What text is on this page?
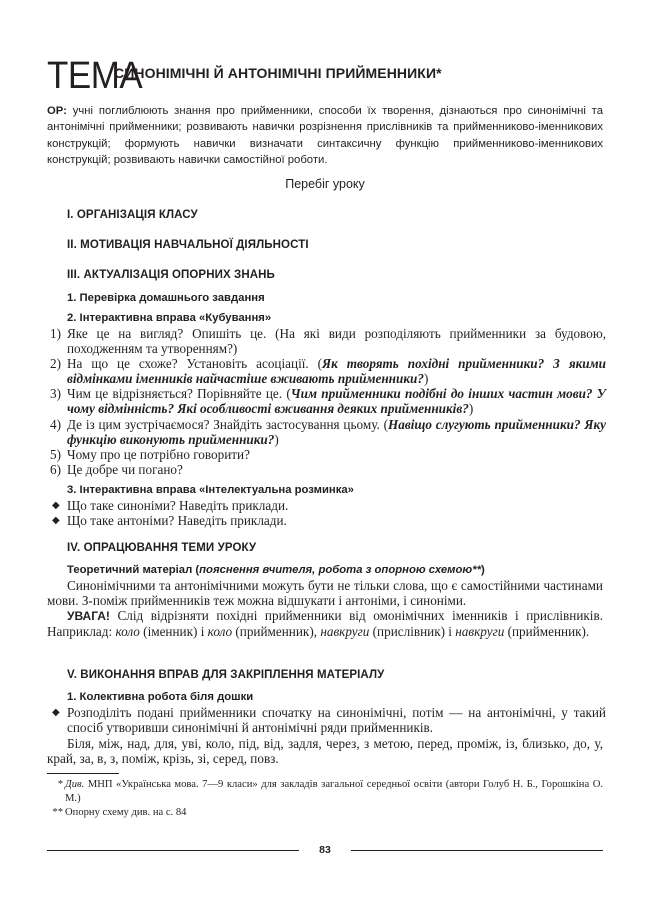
ТЕМА
СИНОНІМІЧНІ Й АНТОНІМІЧНІ ПРИЙМЕННИКИ*
ОР: учні поглиблюють знання про прийменники, способи їх творення, дізнаються про синонімічні та антонімічні прийменники; розвивають навички розрізнення прислівників та прийменниково-іменникових конструкцій; формують навички визначати синтаксичну функцію прийменниково-іменникових конструкцій; розвивають навички самостійної роботи.
Перебіг уроку
І. ОРГАНІЗАЦІЯ КЛАСУ
ІІ. МОТИВАЦІЯ НАВЧАЛЬНОЇ ДІЯЛЬНОСТІ
ІІІ. АКТУАЛІЗАЦІЯ ОПОРНИХ ЗНАНЬ
1. Перевірка домашнього завдання
2. Інтерактивна вправа «Кубування»
1) Яке це на вигляд? Опишіть це. (На які види розподіляють прийменники за будовою, походженням та утворенням?)
2) На що це схоже? Установіть асоціації. (Як творять похідні прийменники? З якими відмінками іменників найчастіше вживають прийменники?)
3) Чим це відрізняється? Порівняйте це. (Чим прийменники подібні до інших частин мови? У чому відмінність? Які особливості вживання деяких прийменників?)
4) Де із цим зустрічаємося? Знайдіть застосування цьому. (Навіщо слугують прийменники? Яку функцію виконують прийменники?)
5) Чому про це потрібно говорити?
6) Це добре чи погано?
3. Інтерактивна вправа «Інтелектуальна розминка»
◆ Що таке синоніми? Наведіть приклади.
◆ Що таке антоніми? Наведіть приклади.
IV. ОПРАЦЮВАННЯ ТЕМИ УРОКУ
Теоретичний матеріал (пояснення вчителя, робота з опорною схемою**)
Синонімічними та антонімічними можуть бути не тільки слова, що є самостійними частинами мови. З-поміж прийменників теж можна відшукати і антоніми, і синоніми.
УВАГА! Слід відрізняти похідні прийменники від омонімічних іменників і прислівників. Наприклад: коло (іменник) і коло (прийменник), навкруги (прислівник) і навкруги (прийменник).
V. ВИКОНАННЯ ВПРАВ ДЛЯ ЗАКРІПЛЕННЯ МАТЕРІАЛУ
1. Колективна робота біля дошки
◆ Розподіліть подані прийменники спочатку на синонімічні, потім — на антонімічні, у такий спосіб утворивши синонімічні й антонімічні ряди прийменників.
Біля, між, над, для, уві, коло, під, від, задля, через, з метою, перед, проміж, із, близько, до, у, край, за, в, з, поміж, крізь, зі, серед, повз.
* Див. МНП «Українська мова. 7—9 класи» для закладів загальної середньої освіти (автори Голуб Н. Б., Горошкіна О. М.)
** Опорну схему див. на с. 84
83
